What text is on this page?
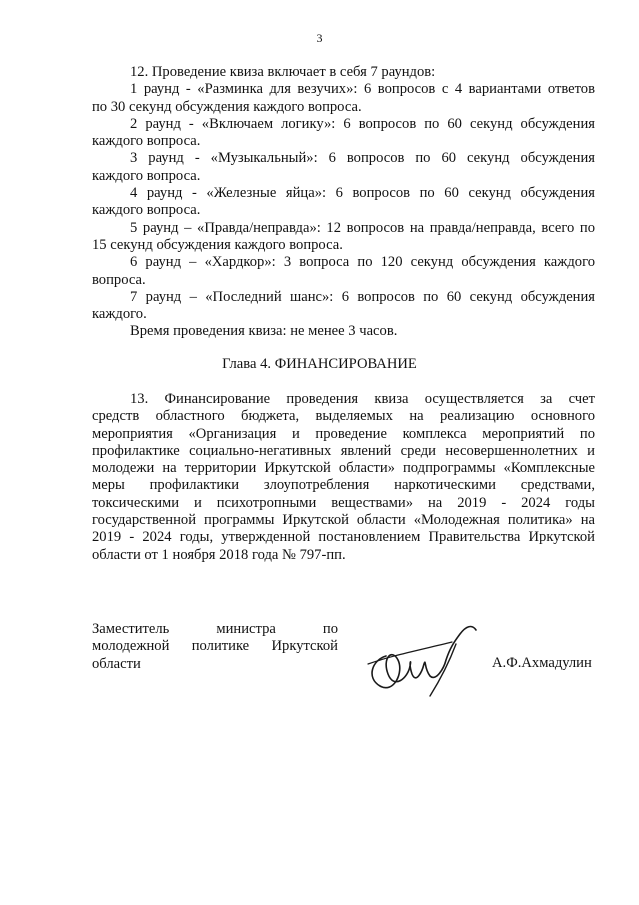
3
12. Проведение квиза включает в себя 7 раундов:
1 раунд - «Разминка для везучих»: 6 вопросов с 4 вариантами ответов
по 30 секунд обсуждения каждого вопроса.
2 раунд - «Включаем логику»: 6 вопросов по 60 секунд обсуждения
каждого вопроса.
3 раунд - «Музыкальный»: 6 вопросов по 60 секунд обсуждения
каждого вопроса.
4 раунд - «Железные яйца»: 6 вопросов по 60 секунд обсуждения
каждого вопроса.
5 раунд – «Правда/неправда»: 12 вопросов на правда/неправда, всего по
15 секунд обсуждения каждого вопроса.
6 раунд – «Хардкор»: 3 вопроса по 120 секунд обсуждения каждого
вопроса.
7 раунд – «Последний шанс»: 6 вопросов по 60 секунд обсуждения
каждого.
Время проведения квиза: не менее 3 часов.
Глава 4. ФИНАНСИРОВАНИЕ
13. Финансирование проведения квиза осуществляется за счет
средств областного бюджета, выделяемых на реализацию основного
мероприятия «Организация и проведение комплекса мероприятий по
профилактике социально-негативных явлений среди несовершеннолетних и
молодежи на территории Иркутской области» подпрограммы «Комплексные
меры профилактики злоупотребления наркотическими средствами,
токсическими и психотропными веществами» на 2019 - 2024 годы
государственной программы Иркутской области «Молодежная политика» на
2019 - 2024 годы, утвержденной постановлением Правительства Иркутской
области от 1 ноября 2018 года № 797-пп.
Заместитель министра по
молодежной политике Иркутской
области	А.Ф.Ахмадулин
